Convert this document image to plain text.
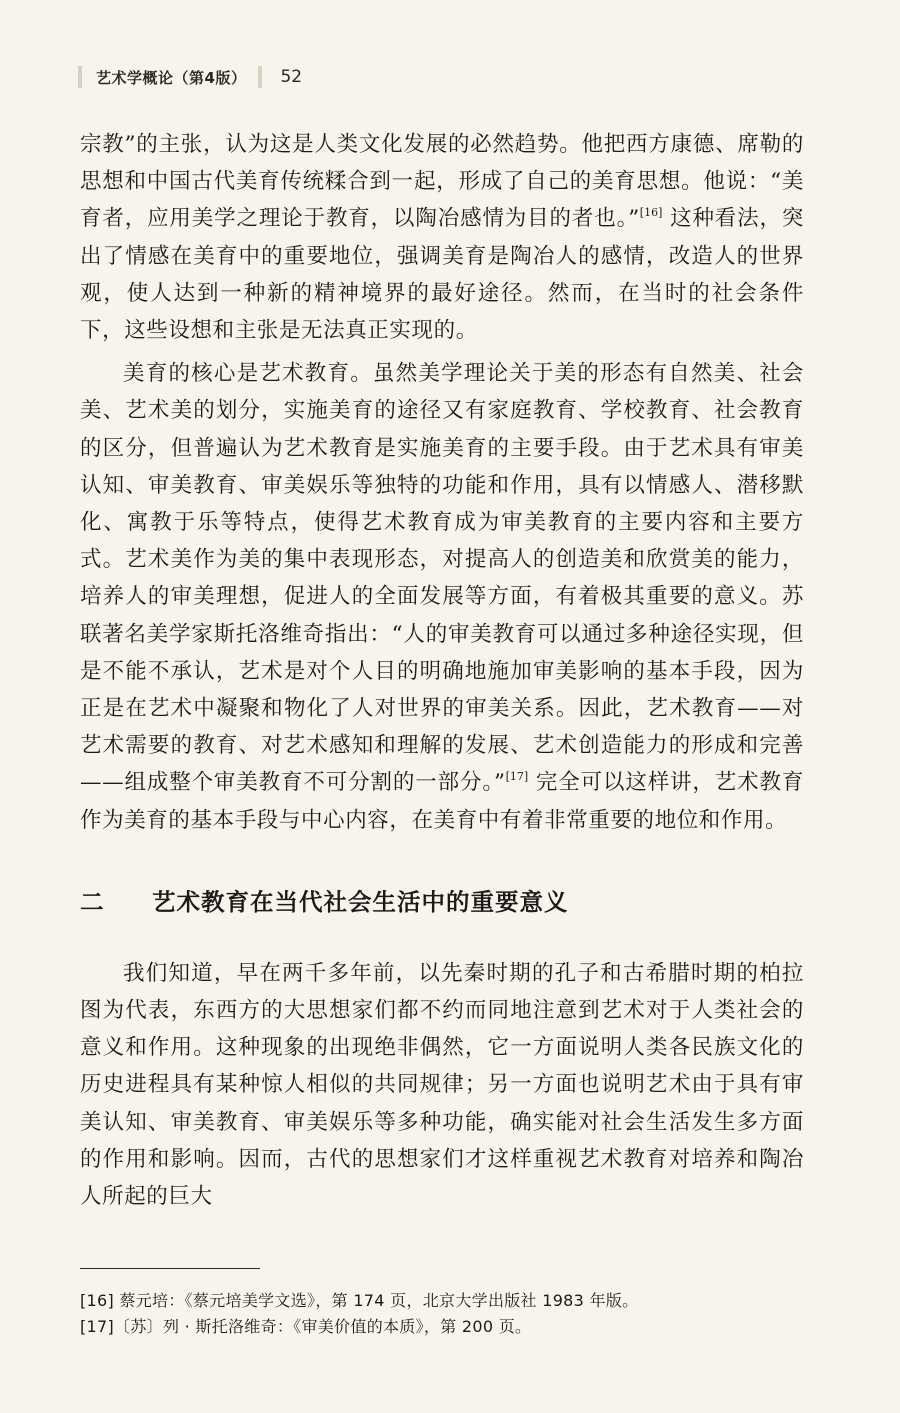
艺术学概论（第4版） 52

宗教”的主张，认为这是人类文化发展的必然趋势。他把西方康德、席勒的思想和中国古代美育传统糅合到一起，形成了自己的美育思想。他说：“美育者，应用美学之理论于教育，以陶冶感情为目的者也。”[16] 这种看法，突出了情感在美育中的重要地位，强调美育是陶冶人的感情，改造人的世界观，使人达到一种新的精神境界的最好途径。然而，在当时的社会条件下，这些设想和主张是无法真正实现的。

美育的核心是艺术教育。虽然美学理论关于美的形态有自然美、社会美、艺术美的划分，实施美育的途径又有家庭教育、学校教育、社会教育的区分，但普遍认为艺术教育是实施美育的主要手段。由于艺术具有审美认知、审美教育、审美娱乐等独特的功能和作用，具有以情感人、潜移默化、寓教于乐等特点，使得艺术教育成为审美教育的主要内容和主要方式。艺术美作为美的集中表现形态，对提高人的创造美和欣赏美的能力，培养人的审美理想，促进人的全面发展等方面，有着极其重要的意义。苏联著名美学家斯托洛维奇指出：“人的审美教育可以通过多种途径实现，但是不能不承认，艺术是对个人目的明确地施加审美影响的基本手段，因为正是在艺术中凝聚和物化了人对世界的审美关系。因此，艺术教育——对艺术需要的教育、对艺术感知和理解的发展、艺术创造能力的形成和完善——组成整个审美教育不可分割的一部分。”[17] 完全可以这样讲，艺术教育作为美育的基本手段与中心内容，在美育中有着非常重要的地位和作用。

二	艺术教育在当代社会生活中的重要意义

我们知道，早在两千多年前，以先秦时期的孔子和古希腊时期的柏拉图为代表，东西方的大思想家们都不约而同地注意到艺术对于人类社会的意义和作用。这种现象的出现绝非偶然，它一方面说明人类各民族文化的历史进程具有某种惊人相似的共同规律；另一方面也说明艺术由于具有审美认知、审美教育、审美娱乐等多种功能，确实能对社会生活发生多方面的作用和影响。因而，古代的思想家们才这样重视艺术教育对培养和陶冶人所起的巨大

[16] 蔡元培：《蔡元培美学文选》，第 174 页，北京大学出版社 1983 年版。

[17]〔苏〕列 · 斯托洛维奇：《审美价值的本质》，第 200 页。
